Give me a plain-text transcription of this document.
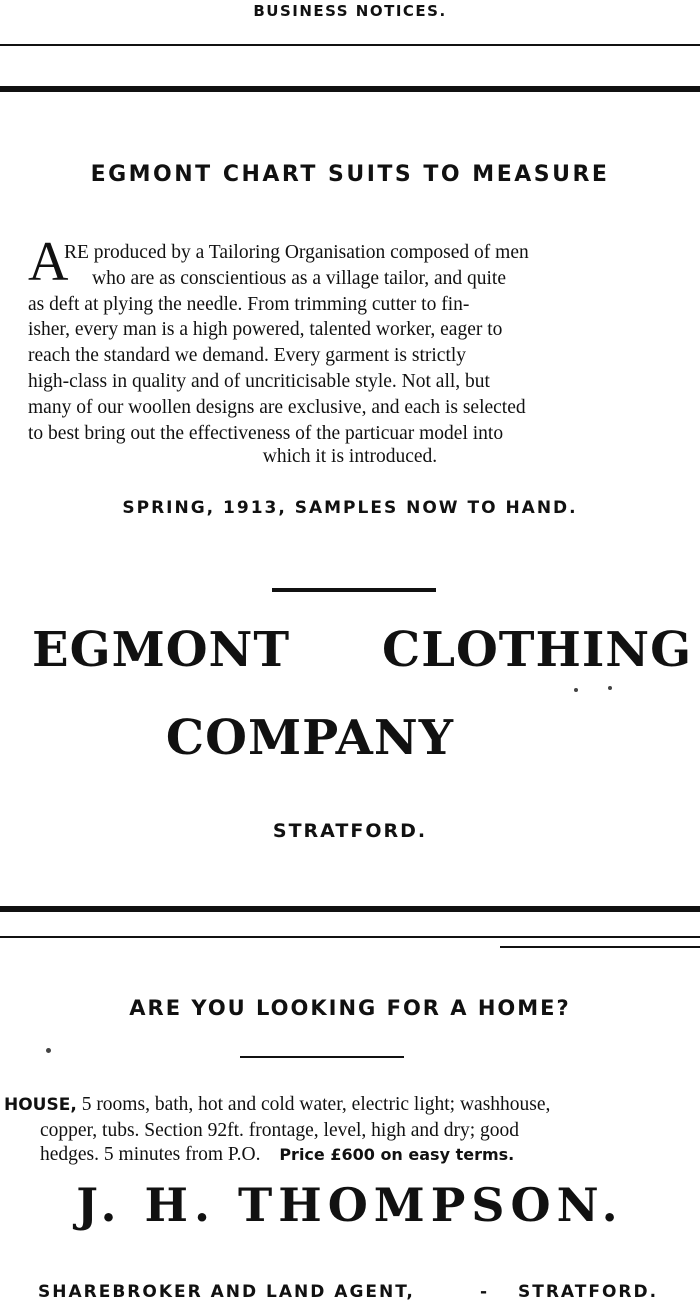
BUSINESS NOTICES.
EGMONT CHART SUITS TO MEASURE
A
RE produced by a Tailoring Organisation composed of men
who are as conscientious as a village tailor, and quite
as deft at plying the needle. From trimming cutter to fin-
isher, every man is a high powered, talented worker, eager to
reach the standard we demand. Every garment is strictly
high-class in quality and of uncriticisable style. Not all, but
many of our woollen designs are exclusive, and each is selected
to best bring out the effectiveness of the particuar model into
which it is introduced.
SPRING, 1913, SAMPLES NOW TO HAND.
EGMONT CLOTHING
COMPANY
STRATFORD.
ARE YOU LOOKING FOR A HOME?
HOUSE, 5 rooms, bath, hot and cold water, electric light; washhouse,
copper, tubs. Section 92ft. frontage, level, high and dry; good
hedges. 5 minutes from P.O. Price £600 on easy terms.
J. H. THOMPSON.
SHAREBROKER AND LAND AGENT,	- STRATFORD.
